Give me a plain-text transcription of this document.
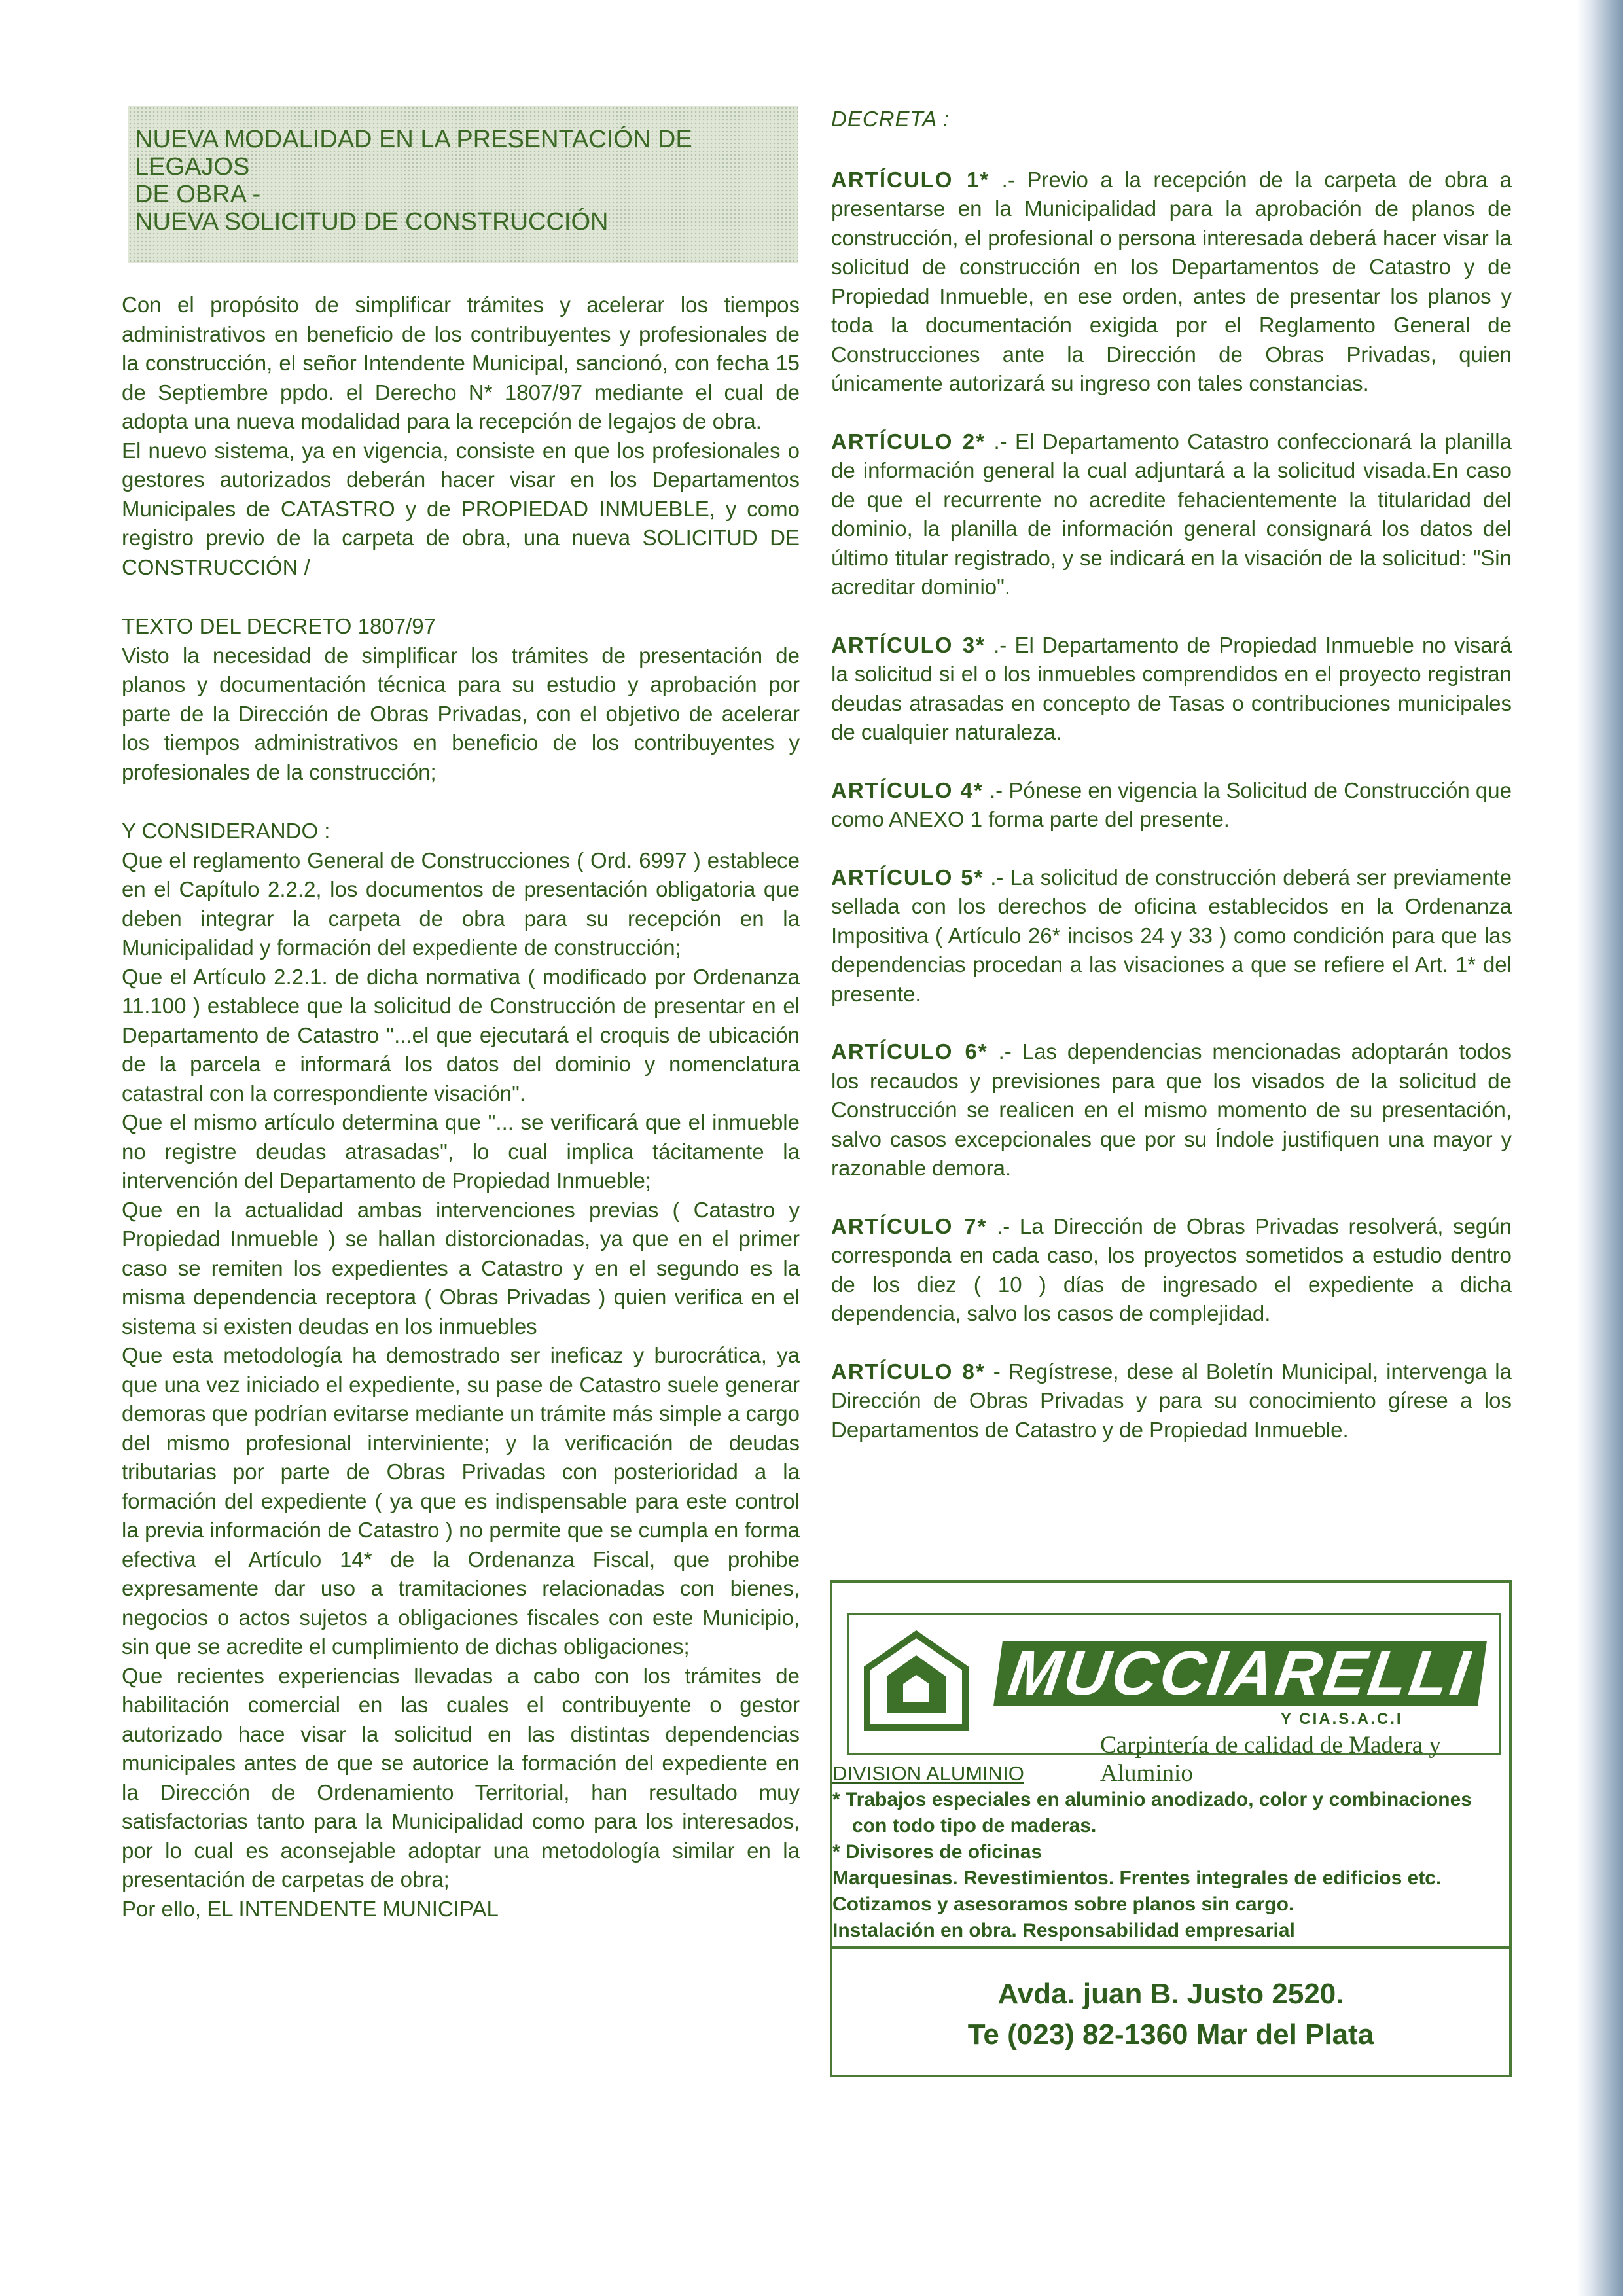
NUEVA MODALIDAD EN LA PRESENTACIÓN DE LEGAJOS
DE OBRA -
NUEVA SOLICITUD DE CONSTRUCCIÓN

Con el propósito de simplificar trámites y acelerar los tiempos administrativos en beneficio de los contribuyentes y profesionales de la construcción, el señor Intendente Municipal, sancionó, con fecha 15 de Septiembre ppdo. el Derecho N* 1807/97 mediante el cual de adopta una nueva modalidad para la recepción de legajos de obra.

El nuevo sistema, ya en vigencia, consiste en que los profesionales o gestores autorizados deberán hacer visar en los Departamentos Municipales de CATASTRO y de PROPIEDAD INMUEBLE, y como registro previo de la carpeta de obra, una nueva SOLICITUD DE CONSTRUCCIÓN /

TEXTO DEL DECRETO 1807/97

Visto la necesidad de simplificar los trámites de presentación de planos y documentación técnica para su estudio y aprobación por parte de la Dirección de Obras Privadas, con el objetivo de acelerar los tiempos administrativos en beneficio de los contribuyentes y profesionales de la construcción;

Y CONSIDERANDO :

Que el reglamento General de Construcciones ( Ord. 6997 ) establece en el Capítulo 2.2.2, los documentos de presentación obligatoria que deben integrar la carpeta de obra para su recepción en la Municipalidad y formación del expediente de construcción;

Que el Artículo 2.2.1. de dicha normativa ( modificado por Ordenanza 11.100 ) establece que la solicitud de Construcción de presentar en el Departamento de Catastro "...el que ejecutará el croquis de ubicación de la parcela e informará los datos del dominio y nomenclatura catastral con la correspondiente visación".

Que el mismo artículo determina que "... se verificará que el inmueble no registre deudas atrasadas", lo cual implica tácitamente la intervención del Departamento de Propiedad Inmueble;

Que en la actualidad ambas intervenciones previas ( Catastro y Propiedad Inmueble ) se hallan distorcionadas, ya que en el primer caso se remiten los expedientes a Catastro y en el segundo es la misma dependencia receptora ( Obras Privadas ) quien verifica en el sistema si existen deudas en los inmuebles

Que esta metodología ha demostrado ser ineficaz y burocrática, ya que una vez iniciado el expediente, su pase de Catastro suele generar demoras que podrían evitarse mediante un trámite más simple a cargo del mismo profesional interviniente; y la verificación de deudas tributarias por parte de Obras Privadas con posterioridad a la formación del expediente ( ya que es indispensable para este control la previa información de Catastro ) no permite que se cumpla en forma efectiva el Artículo 14* de la Ordenanza Fiscal, que prohibe expresamente dar uso a tramitaciones relacionadas con bienes, negocios o actos sujetos a obligaciones fiscales con este Municipio, sin que se acredite el cumplimiento de dichas obligaciones;

Que recientes experiencias llevadas a cabo con los trámites de habilitación comercial en las cuales el contribuyente o gestor autorizado hace visar la solicitud en las distintas dependencias municipales antes de que se autorice la formación del expediente en la Dirección de Ordenamiento Territorial, han resultado muy satisfactorias tanto para la Municipalidad como para los interesados, por lo cual es aconsejable adoptar una metodología similar en la presentación de carpetas de obra;

Por ello, EL INTENDENTE MUNICIPAL

DECRETA :

ARTÍCULO 1* .- Previo a la recepción de la carpeta de obra a presentarse en la Municipalidad para la aprobación de planos de construcción, el profesional o persona interesada deberá hacer visar la solicitud de construcción en los Departamentos de Catastro y de Propiedad Inmueble, en ese orden, antes de presentar los planos y toda la documentación exigida por el Reglamento General de Construcciones ante la Dirección de Obras Privadas, quien únicamente autorizará su ingreso con tales constancias.

ARTÍCULO 2* .- El Departamento Catastro confeccionará la planilla de información general la cual adjuntará a la solicitud visada.En caso de que el recurrente no acredite fehacientemente la titularidad del dominio, la planilla de información general consignará los datos del último titular registrado, y se indicará en la visación de la solicitud: "Sin acreditar dominio".

ARTÍCULO 3* .- El Departamento de Propiedad Inmueble no visará la solicitud si el o los inmuebles comprendidos en el proyecto registran deudas atrasadas en concepto de Tasas o contribuciones municipales de cualquier naturaleza.

ARTÍCULO 4* .- Pónese en vigencia la Solicitud de Construcción que como ANEXO 1 forma parte del presente.

ARTÍCULO 5* .- La solicitud de construcción deberá ser previamente sellada con los derechos de oficina establecidos en la Ordenanza Impositiva ( Artículo 26* incisos 24 y 33 ) como condición para que las dependencias procedan a las visaciones a que se refiere el Art. 1* del presente.

ARTÍCULO 6* .- Las dependencias mencionadas adoptarán todos los recaudos y previsiones para que los visados de la solicitud de Construcción se realicen en el mismo momento de su presentación, salvo casos excepcionales que por su Índole justifiquen una mayor y razonable demora.

ARTÍCULO 7* .- La Dirección de Obras Privadas resolverá, según corresponda en cada caso, los proyectos sometidos a estudio dentro de los diez ( 10 ) días de ingresado el expediente a dicha dependencia, salvo los casos de complejidad.

ARTÍCULO 8* - Regístrese, dese al Boletín Municipal, intervenga la Dirección de Obras Privadas y para su conocimiento gírese a los Departamentos de Catastro y de Propiedad Inmueble.

MUCCIARELLI
Y CIA.S.A.C.I
Carpintería de calidad de Madera y Aluminio
DIVISION ALUMINIO
* Trabajos especiales en aluminio anodizado, color y combinaciones
con todo tipo de maderas.
* Divisores de oficinas
Marquesinas. Revestimientos. Frentes integrales de edificios etc.
Cotizamos y asesoramos sobre planos sin cargo.
Instalación en obra. Responsabilidad empresarial
Avda. juan B. Justo 2520.
Te (023) 82-1360 Mar del Plata
